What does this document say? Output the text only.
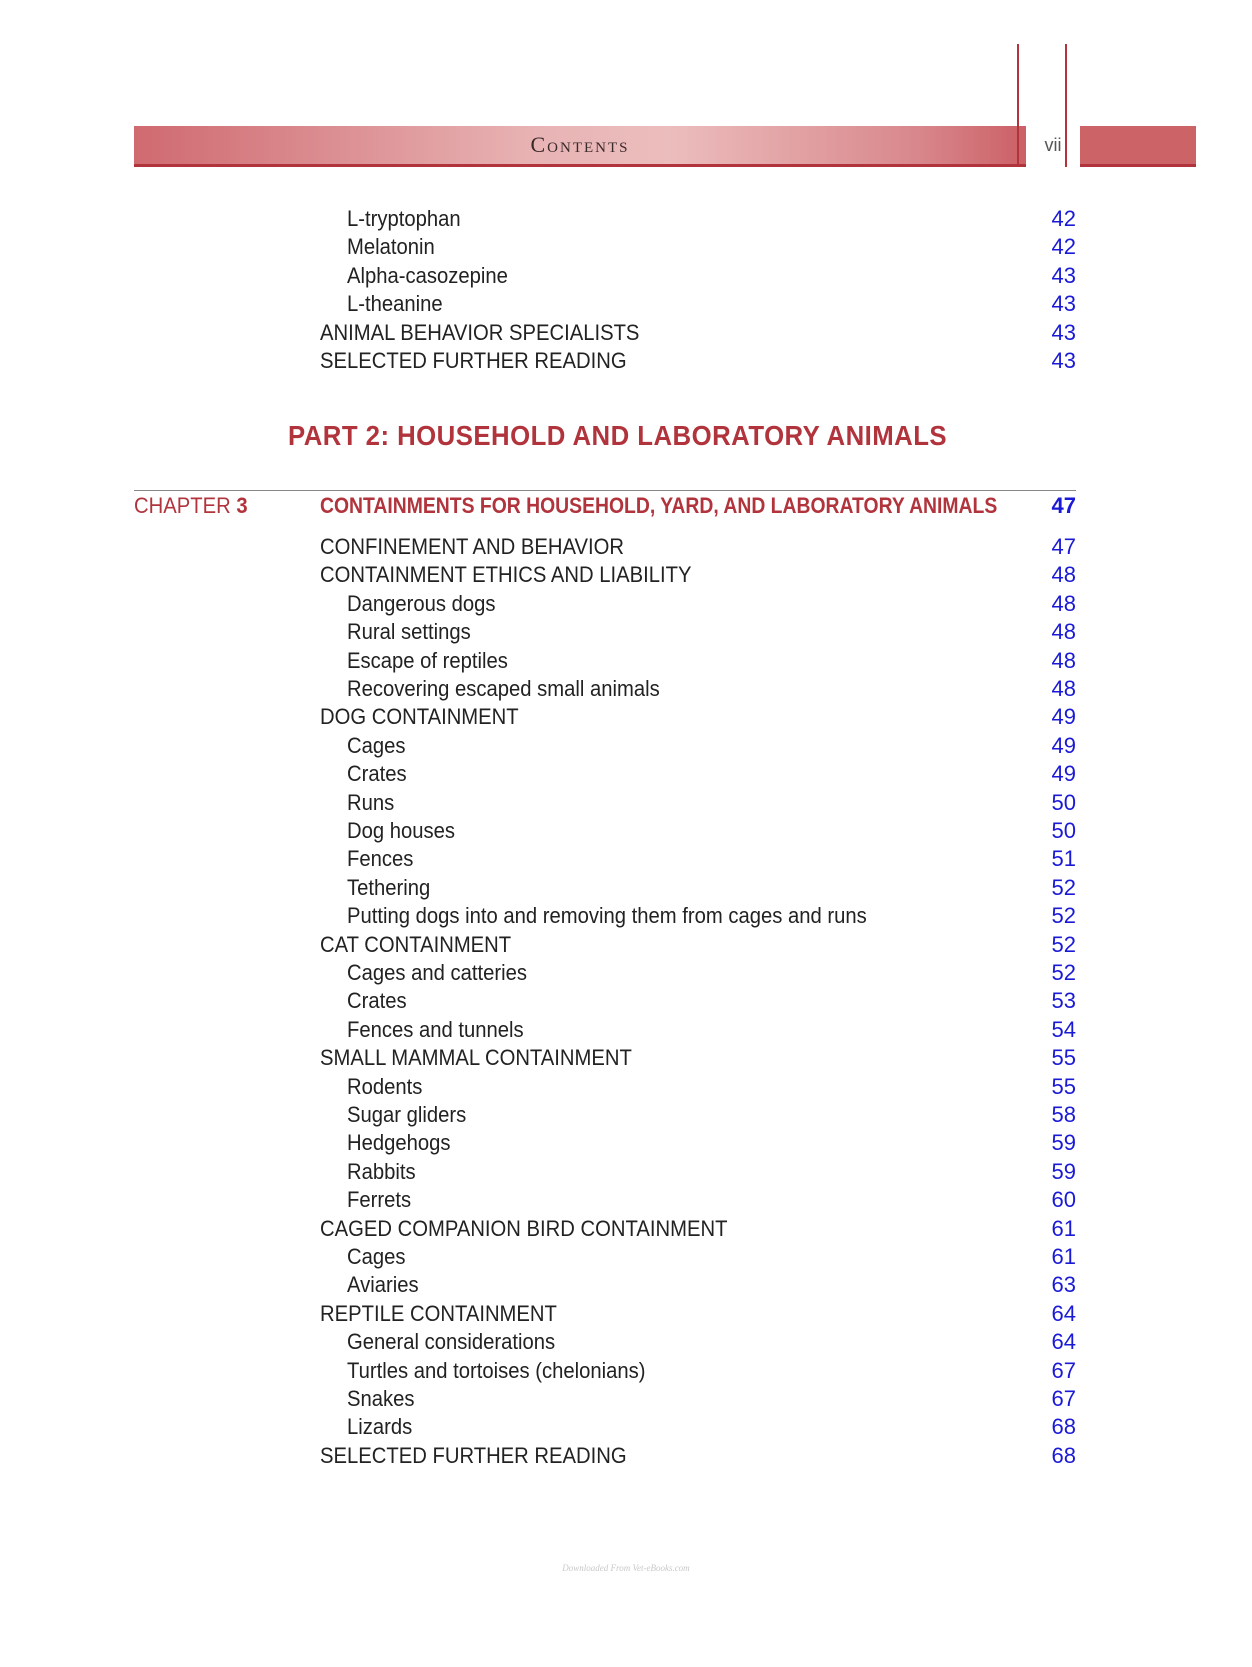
Contents	vii
L-tryptophan	42
Melatonin	42
Alpha-casozepine	43
L-theanine	43
ANIMAL BEHAVIOR SPECIALISTS	43
SELECTED FURTHER READING	43
PART 2: HOUSEHOLD AND LABORATORY ANIMALS
CHAPTER 3	CONTAINMENTS FOR HOUSEHOLD, YARD, AND LABORATORY ANIMALS	47
CONFINEMENT AND BEHAVIOR	47
CONTAINMENT ETHICS AND LIABILITY	48
Dangerous dogs	48
Rural settings	48
Escape of reptiles	48
Recovering escaped small animals	48
DOG CONTAINMENT	49
Cages	49
Crates	49
Runs	50
Dog houses	50
Fences	51
Tethering	52
Putting dogs into and removing them from cages and runs	52
CAT CONTAINMENT	52
Cages and catteries	52
Crates	53
Fences and tunnels	54
SMALL MAMMAL CONTAINMENT	55
Rodents	55
Sugar gliders	58
Hedgehogs	59
Rabbits	59
Ferrets	60
CAGED COMPANION BIRD CONTAINMENT	61
Cages	61
Aviaries	63
REPTILE CONTAINMENT	64
General considerations	64
Turtles and tortoises (chelonians)	67
Snakes	67
Lizards	68
SELECTED FURTHER READING	68
Downloaded From Vet-eBooks.com
